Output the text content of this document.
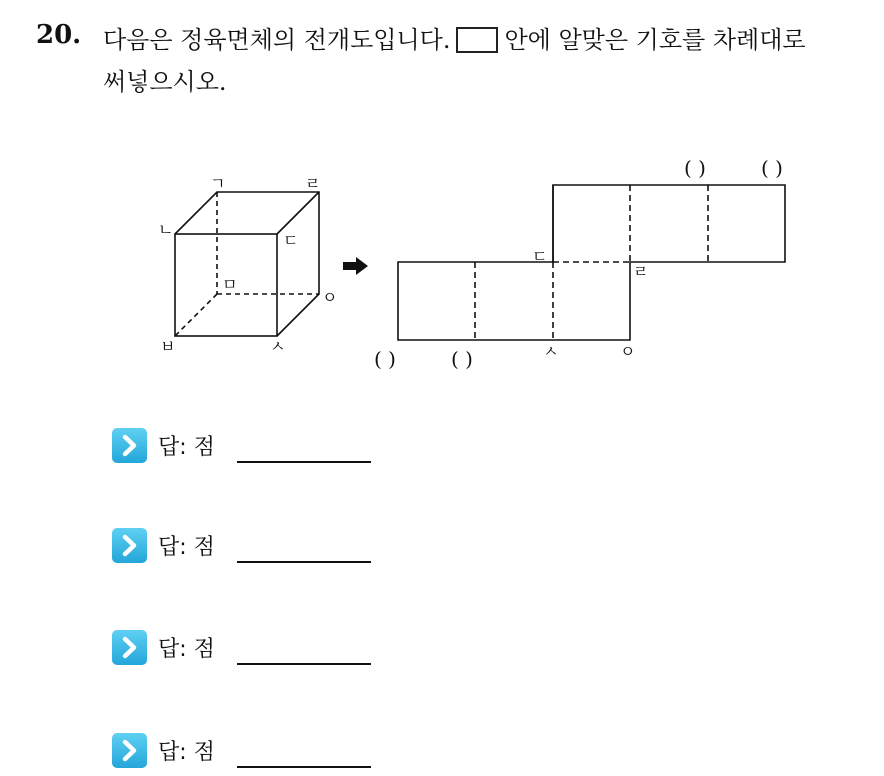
20. 다음은 정육면체의 전개도입니다. 안에 알맞은 기호를 차례대로
써넣으시오.
ㄱ	ㄹ
ㄴ
ㄷ
ㅁ
ㅇ
ㅂ	ㅅ
ㄷ
ㄹ
ㅅ	ㅇ
( )	( )
( )	( )
답: 점
답: 점
답: 점
답: 점
